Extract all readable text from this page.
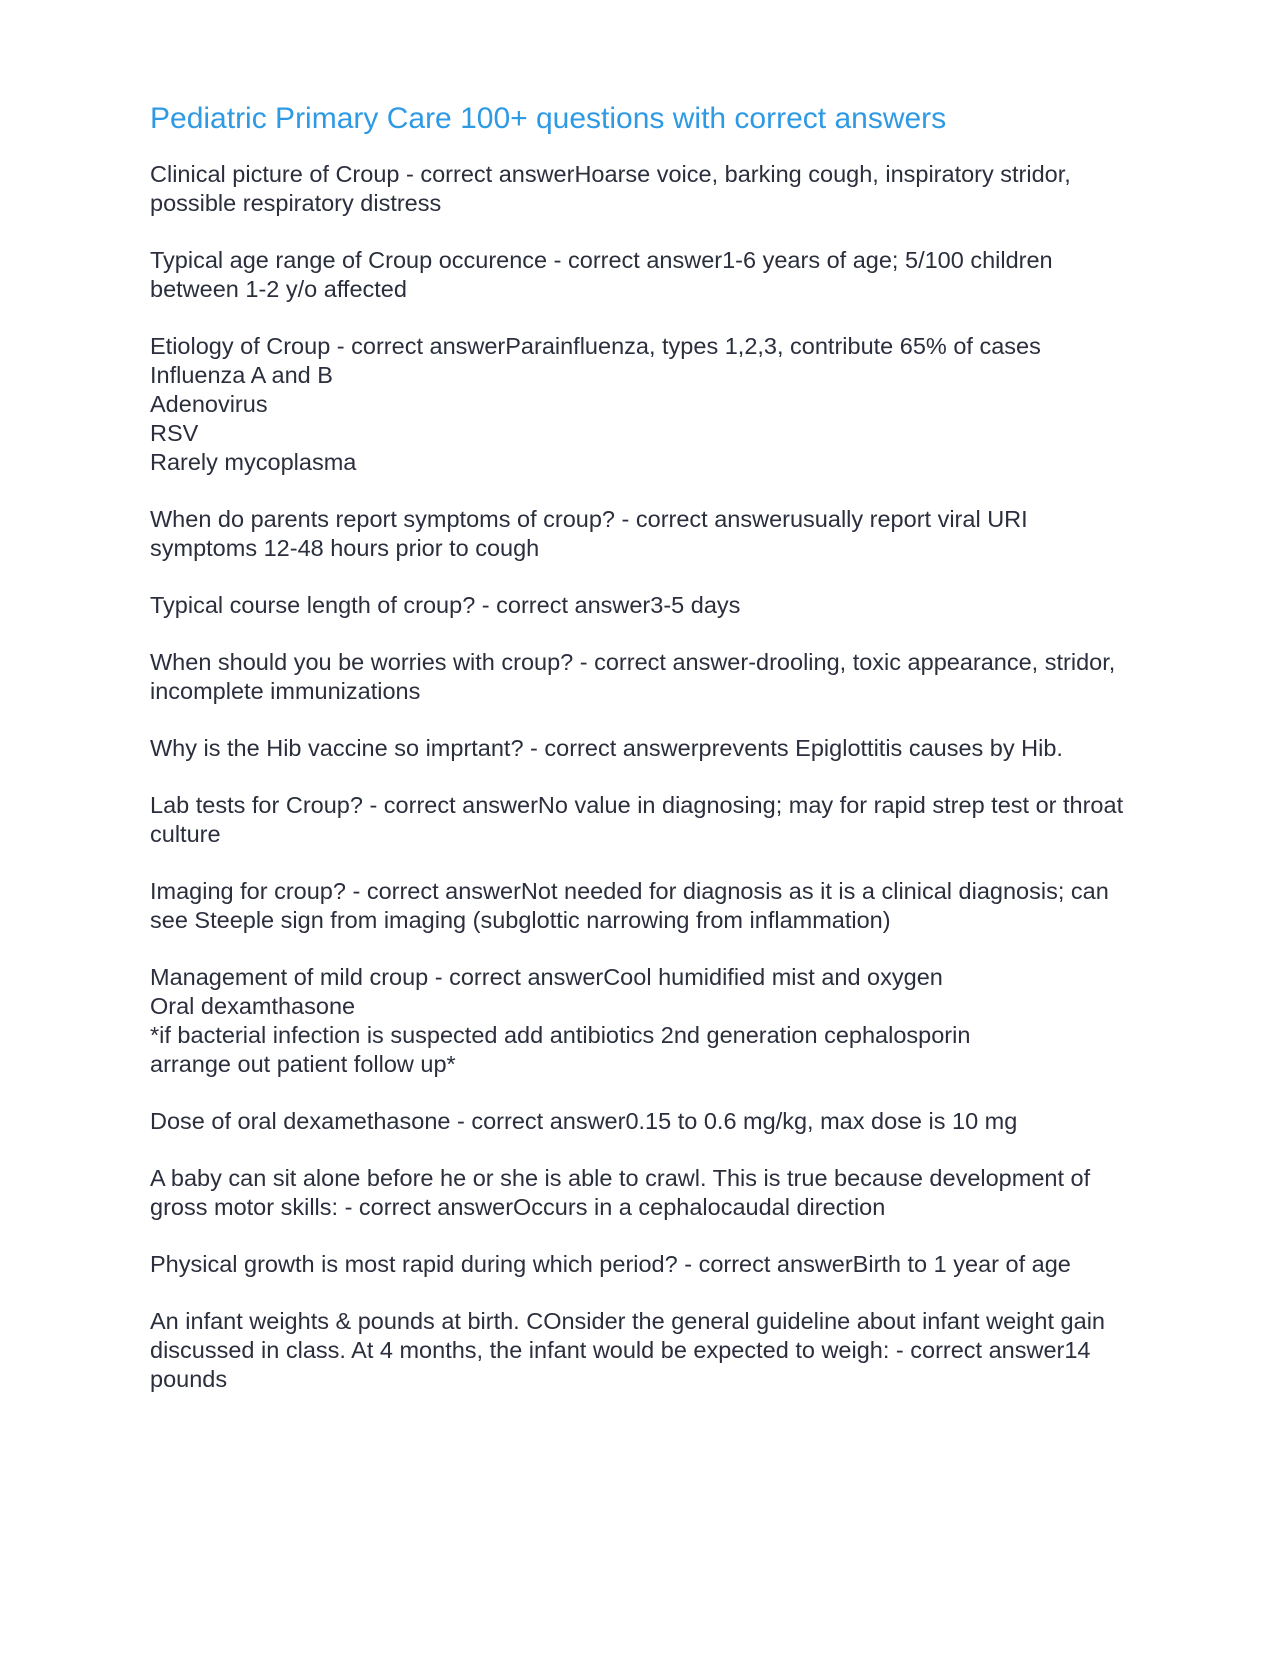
Pediatric Primary Care 100+ questions with correct answers

Clinical picture of Croup - correct answerHoarse voice, barking cough, inspiratory stridor, possible respiratory distress

Typical age range of Croup occurence - correct answer1-6 years of age; 5/100 children between 1-2 y/o affected

Etiology of Croup - correct answerParainfluenza, types 1,2,3, contribute 65% of cases
Influenza A and B
Adenovirus
RSV
Rarely mycoplasma

When do parents report symptoms of croup? - correct answerusually report viral URI symptoms 12-48 hours prior to cough

Typical course length of croup? - correct answer3-5 days

When should you be worries with croup? - correct answer-drooling, toxic appearance, stridor, incomplete immunizations

Why is the Hib vaccine so imprtant? - correct answerprevents Epiglottitis causes by Hib.

Lab tests for Croup? - correct answerNo value in diagnosing; may for rapid strep test or throat culture

Imaging for croup? - correct answerNot needed for diagnosis as it is a clinical diagnosis; can see Steeple sign from imaging (subglottic narrowing from inflammation)

Management of mild croup - correct answerCool humidified mist and oxygen
Oral dexamthasone
*if bacterial infection is suspected add antibiotics 2nd generation cephalosporin
arrange out patient follow up*

Dose of oral dexamethasone - correct answer0.15 to 0.6 mg/kg, max dose is 10 mg

A baby can sit alone before he or she is able to crawl. This is true because development of gross motor skills: - correct answerOccurs in a cephalocaudal direction

Physical growth is most rapid during which period? - correct answerBirth to 1 year of age

An infant weights & pounds at birth. COnsider the general guideline about infant weight gain discussed in class. At 4 months, the infant would be expected to weigh: - correct answer14 pounds
